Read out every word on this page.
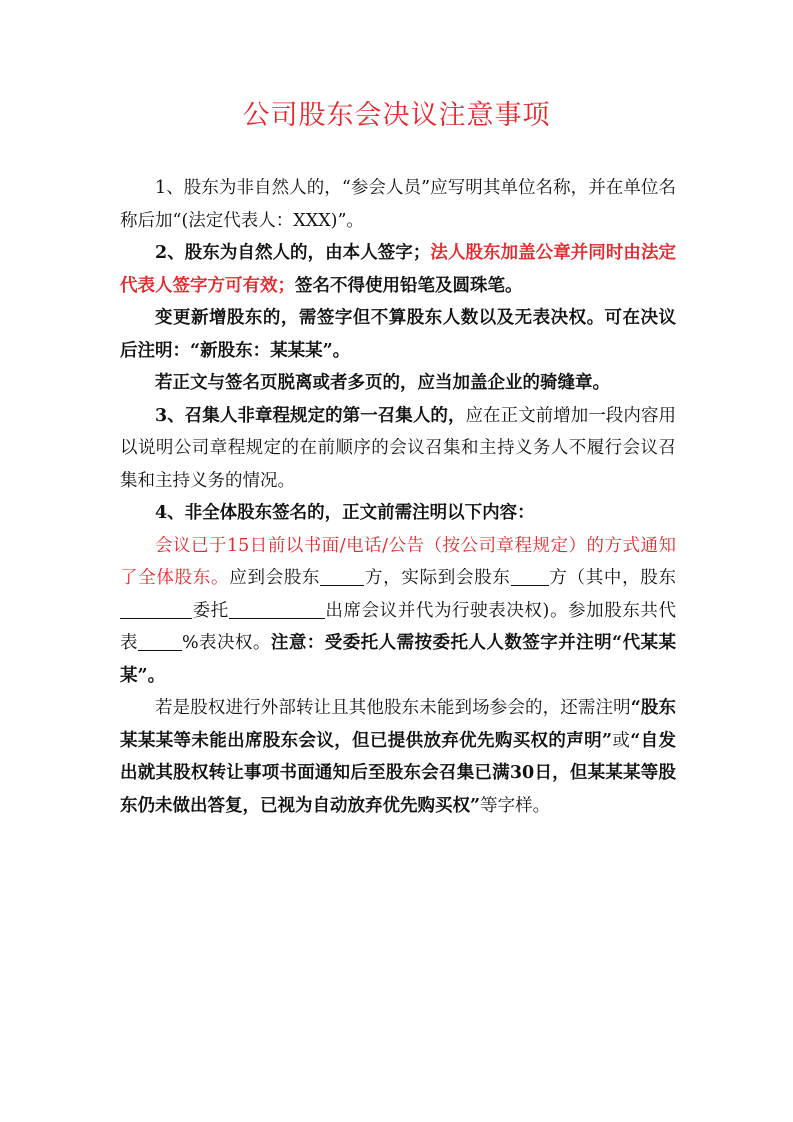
公司股东会决议注意事项

1、股东为非自然人的，“参会人员”应写明其单位名称，并在单位名称后加“(法定代表人：XXX)”。

2、股东为自然人的，由本人签字；法人股东加盖公章并同时由法定代表人签字方可有效；签名不得使用铅笔及圆珠笔。

变更新增股东的，需签字但不算股东人数以及无表决权。可在决议后注明：“新股东：某某某”。

若正文与签名页脱离或者多页的，应当加盖企业的骑缝章。

3、召集人非章程规定的第一召集人的，应在正文前增加一段内容用以说明公司章程规定的在前顺序的会议召集和主持义务人不履行会议召集和主持义务的情况。

4、非全体股东签名的，正文前需注明以下内容：

会议已于15日前以书面/电话/公告（按公司章程规定）的方式通知了全体股东。应到会股东	方，实际到会股东 方（其中，股东委托	出席会议并代为行驶表决权)。参加股东共代表	%表决权。注意：受委托人需按委托人人数签字并注明“代某某某”。

若是股权进行外部转让且其他股东未能到场参会的，还需注明“股东某某某等未能出席股东会议，但已提供放弃优先购买权的声明”或“自发出就其股权转让事项书面通知后至股东会召集已满30日，但某某某等股东仍未做出答复，已视为自动放弃优先购买权”等字样。
